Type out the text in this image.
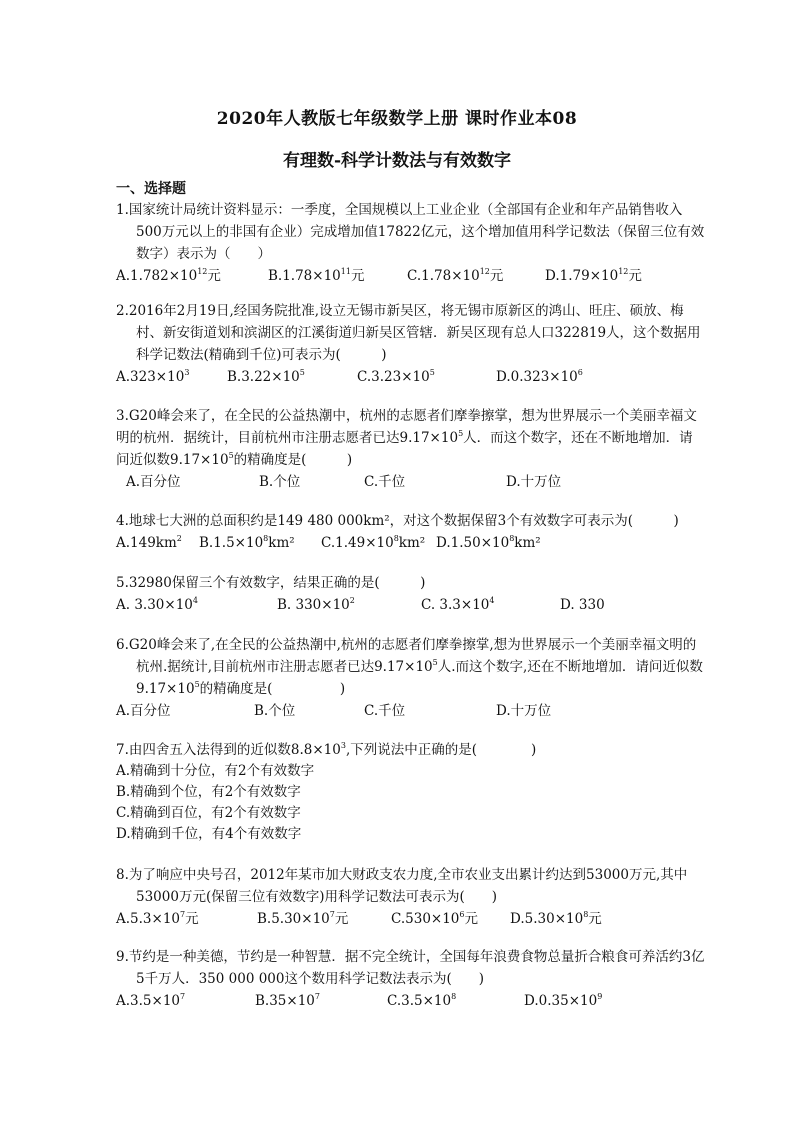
2020年人教版七年级数学上册 课时作业本08
有理数-科学计数法与有效数字
一、选择题

1.国家统计局统计资料显示：一季度，全国规模以上工业企业（全部国有企业和年产品销售收入500万元以上的非国有企业）完成增加值17822亿元，这个增加值用科学记数法（保留三位有效数字）表示为（　　）

$A.1.782\times 10^{12}$元	$B.1.78\times 10^{11}$元	$C.1.78\times 10^{12}$元	$D.1.79\times 10^{12}$元

2.2016年2月19日,经国务院批准,设立无锡市新吴区，将无锡市原新区的鸿山、旺庄、硕放、梅村、新安街道划和滨湖区的江溪街道归新吴区管辖．新吴区现有总人口322819人，这个数据用科学记数法(精确到千位)可表示为(　　　)

$A.323\times 10^3$	$B.3.22\times 10^5$	$C.3.23\times 10^5$	$D.0.323\times 10^6$

3.G20峰会来了，在全民的公益热潮中，杭州的志愿者们摩拳擦掌，想为世界展示一个美丽幸福文明的杭州．据统计，目前杭州市注册志愿者已达$9.17\times 10^5$人．而这个数字，还在不断地增加．请问近似数$9.17\times 10^5$的精确度是(　　　)

A.百分位	B.个位	C.千位	D.十万位

4.地球七大洲的总面积约是149 480 000km²，对这个数据保留3个有效数字可表示为(　　　)

$A.149km^2$ $B.1.5\times 10^8km^2$ $C.1.49\times 10^8km^2$ $D.1.50\times 10^8km^2$

5.32980保留三个有效数字，结果正确的是(　　　)

A. $3.30\times 10^4$	B. $330\times 10^2$	C. $3.3\times 10^4$	D. 330

6.G20峰会来了,在全民的公益热潮中,杭州的志愿者们摩拳擦掌,想为世界展示一个美丽幸福文明的杭州.据统计,目前杭州市注册志愿者已达$9.17\times 10^5$人.而这个数字,还在不断地增加．请问近似数$9.17\times 10^5$的精确度是(　　　　　)

A.百分位	B.个位	C.千位	D.十万位

7.由四舍五入法得到的近似数$8.8\times 10^3$,下列说法中正确的是(　　　　)

A.精确到十分位，有2个有效数字
B.精确到个位，有2个有效数字
C.精确到百位，有2个有效数字
D.精确到千位，有4个有效数字

8.为了响应中央号召，2012年某市加大财政支农力度,全市农业支出累计约达到53000万元,其中53000万元(保留三位有效数字)用科学记数法可表示为(　　)

$A.5.3\times 10^7$元	$B.5.30\times 10^7$元	$C.530\times 10^6$元 $D.5.30\times 10^8$元

9.节约是一种美德，节约是一种智慧．据不完全统计，全国每年浪费食物总量折合粮食可养活约3亿5千万人．350 000 000这个数用科学记数法表示为(　　)

$A.3.5\times 10^7$	$B.35\times 10^7$	$C.3.5\times 10^8$	$D.0.35\times 10^9$
